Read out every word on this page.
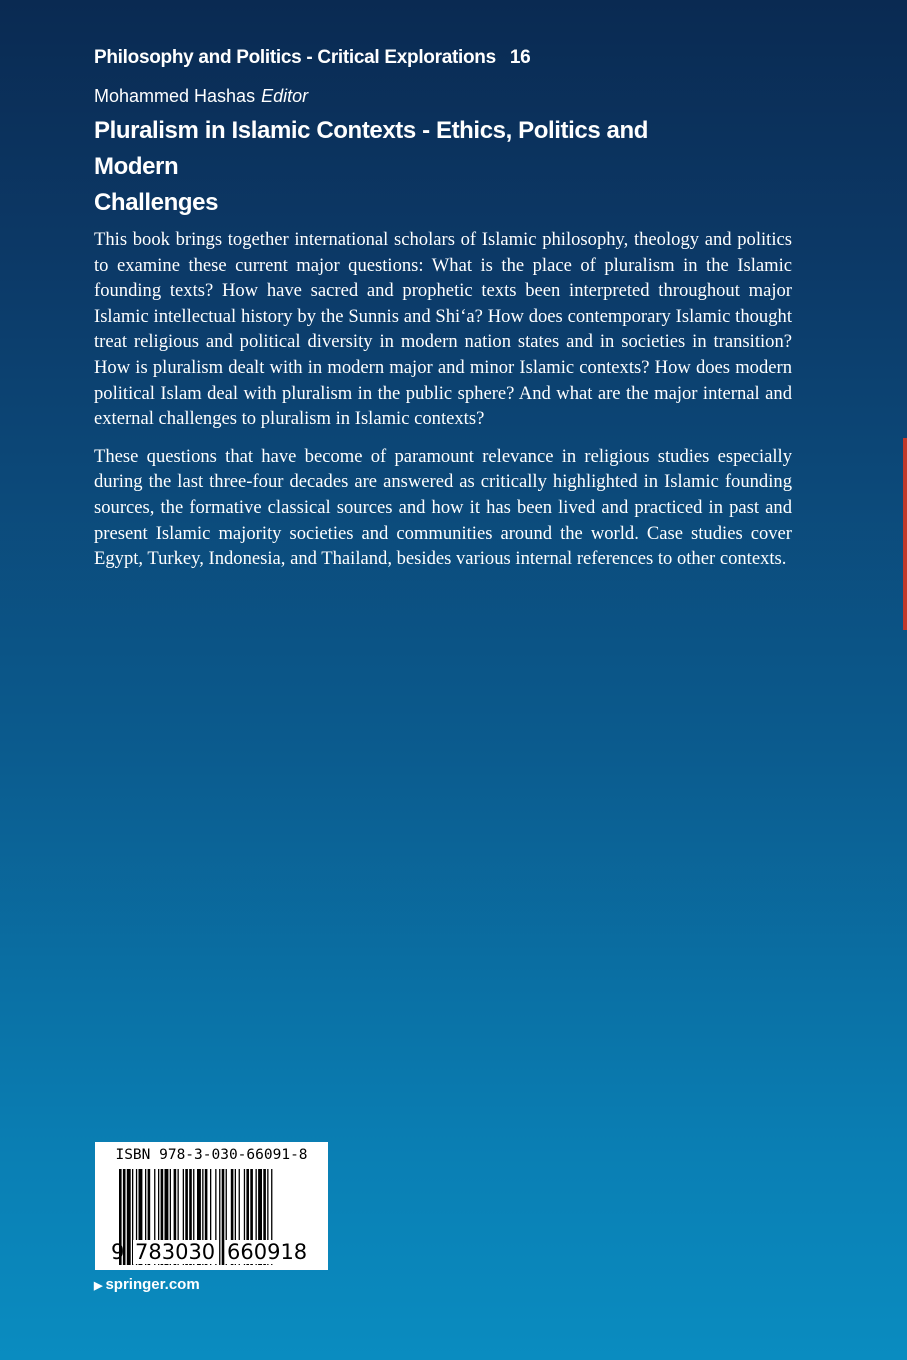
Philosophy and Politics - Critical Explorations 16
Mohammed Hashas Editor
Pluralism in Islamic Contexts - Ethics, Politics and Modern
Challenges

This book brings together international scholars of Islamic philosophy, theology and politics to examine these current major questions: What is the place of pluralism in the Islamic founding texts? How have sacred and prophetic texts been interpreted throughout major Islamic intellectual history by the Sunnis and Shi‘a? How does contemporary Islamic thought treat religious and political diversity in modern nation states and in societies in transition? How is pluralism dealt with in modern major and minor Islamic contexts? How does modern political Islam deal with pluralism in the public sphere? And what are the major internal and external challenges to pluralism in Islamic contexts?

These questions that have become of paramount relevance in religious studies especially during the last three-four decades are answered as critically highlighted in Islamic founding sources, the formative classical sources and how it has been lived and practiced in past and present Islamic majority societies and communities around the world. Case studies cover Egypt, Turkey, Indonesia, and Thailand, besides various internal references to other contexts.

ISBN 978-3-030-66091-8
9 783030 660918
▶ springer.com
